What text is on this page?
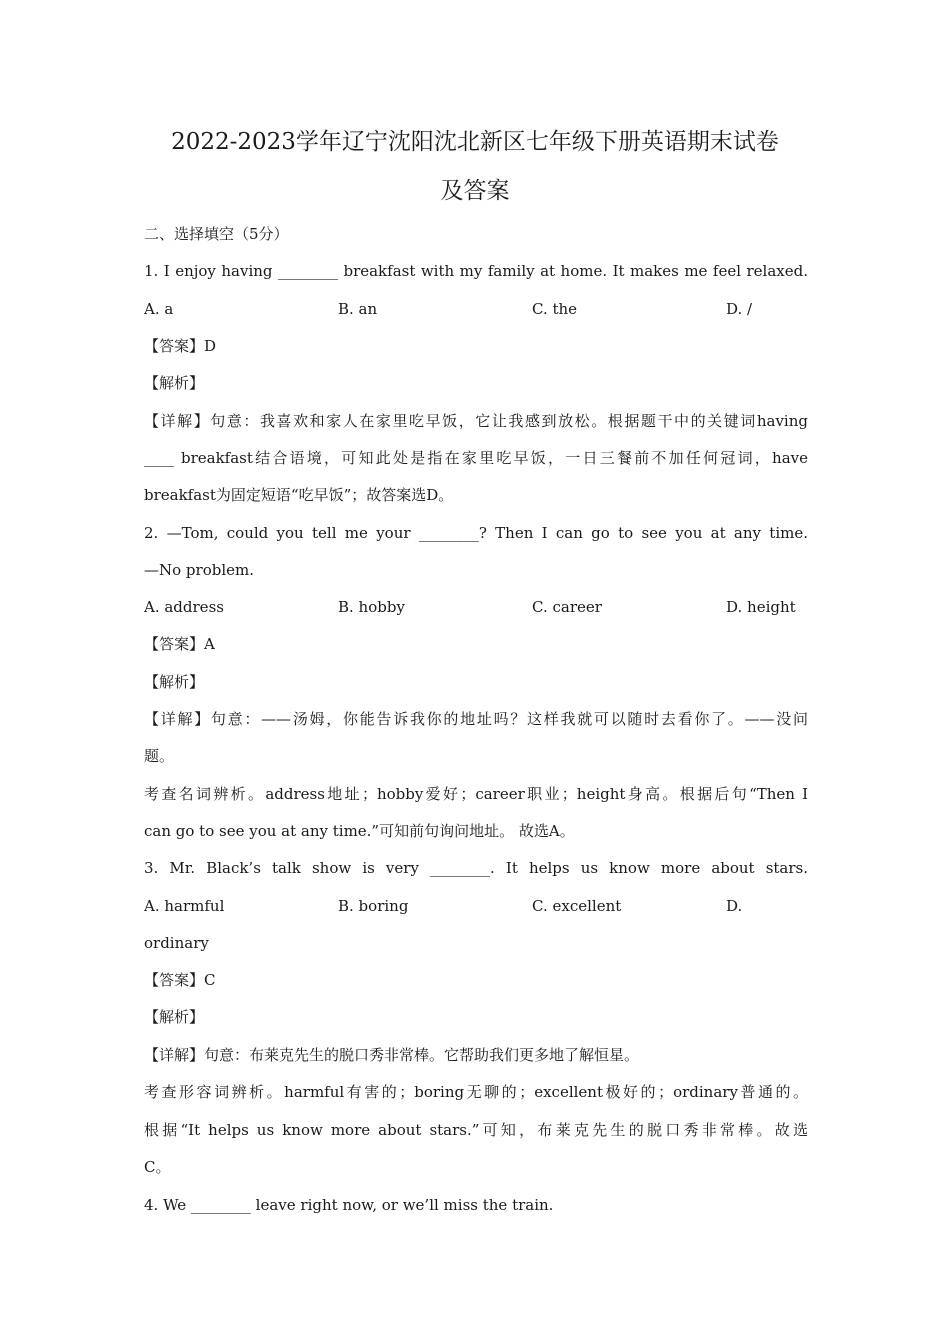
2022-2023学年辽宁沈阳沈北新区七年级下册英语期末试卷
及答案
二、选择填空（5分）
1. I enjoy having ________ breakfast with my family at home. It makes me feel relaxed.
A. a	B. an	C. the	D. /
【答案】D
【解析】
【详解】句意：我喜欢和家人在家里吃早饭，它让我感到放松。根据题干中的关键词having
____ breakfast结合语境，可知此处是指在家里吃早饭，一日三餐前不加任何冠词，have
breakfast为固定短语“吃早饭”；故答案选D。
2. —Tom, could you tell me your ________? Then I can go to see you at any time.
—No problem.
A. address	B. hobby	C. career	D. height
【答案】A
【解析】
【详解】句意：——汤姆，你能告诉我你的地址吗？这样我就可以随时去看你了。——没问
题。
考查名词辨析。address地址；hobby爱好；career职业；height身高。根据后句“Then I
can go to see you at any time.”可知前句询问地址。 故选A。
3. Mr. Black’s talk show is very ________. It helps us know more about stars.
A. harmful	B. boring	C. excellent	D.
ordinary
【答案】C
【解析】
【详解】句意：布莱克先生的脱口秀非常棒。它帮助我们更多地了解恒星。
考查形容词辨析。harmful有害的；boring无聊的；excellent极好的；ordinary普通的。
根据“It helps us know more about stars.”可知，布莱克先生的脱口秀非常棒。故选
C。
4. We ________ leave right now, or we’ll miss the train.
